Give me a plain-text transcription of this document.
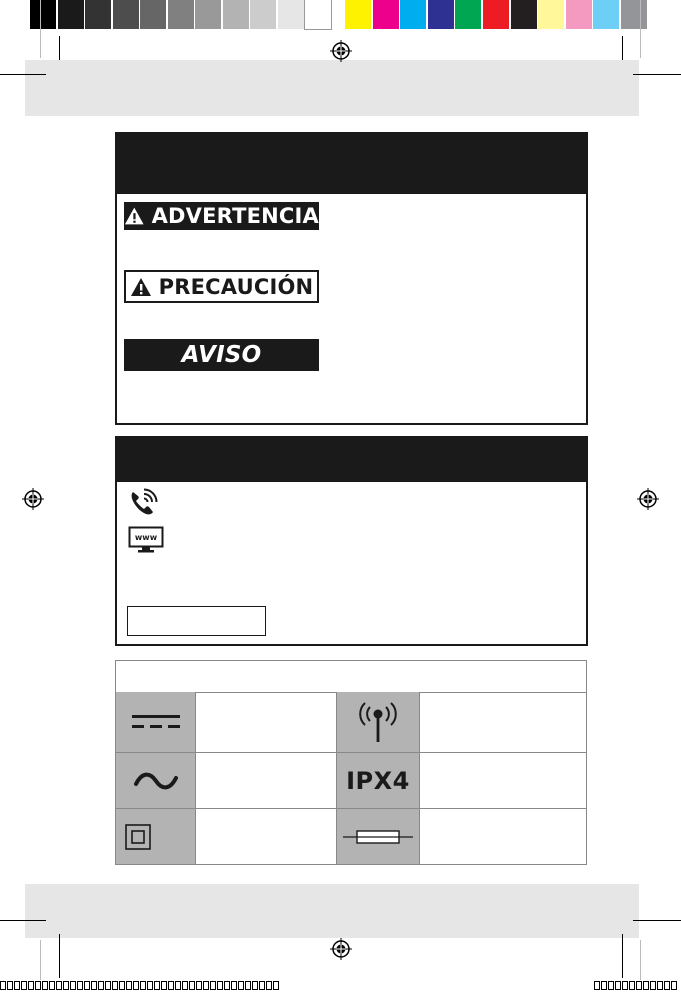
ADVERTENCIA
PRECAUCIÓN
AVISO
www
IPX4
